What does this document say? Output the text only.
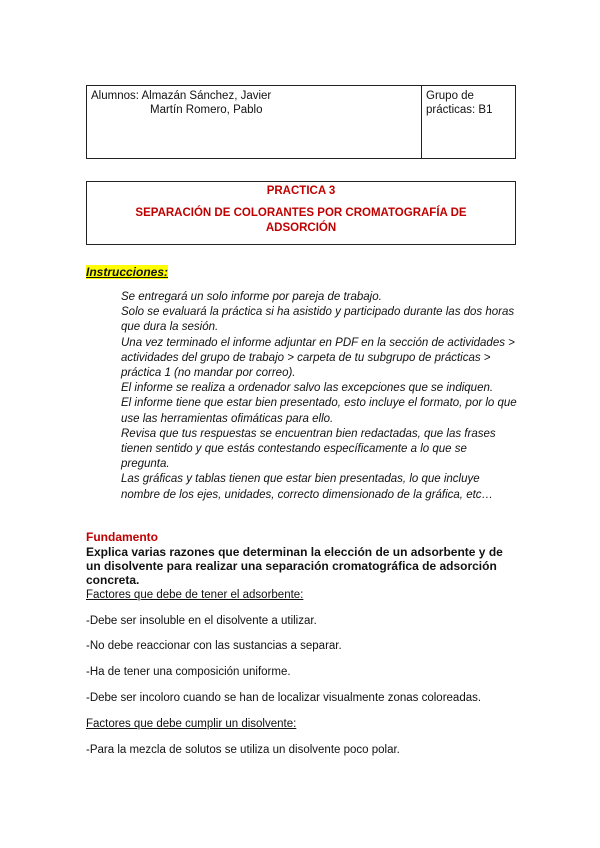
Alumnos: Almazán Sánchez, Javier
Martín Romero, Pablo
Grupo de
prácticas: B1
PRACTICA 3
SEPARACIÓN DE COLORANTES POR CROMATOGRAFÍA DE ADSORCIÓN
Instrucciones:

Se entregará un solo informe por pareja de trabajo.

Solo se evaluará la práctica si ha asistido y participado durante las dos horas que dura la sesión.

Una vez terminado el informe adjuntar en PDF en la sección de actividades > actividades del grupo de trabajo > carpeta de tu subgrupo de prácticas > práctica 1 (no mandar por correo).

El informe se realiza a ordenador salvo las excepciones que se indiquen.

El informe tiene que estar bien presentado, esto incluye el formato, por lo que use las herramientas ofimáticas para ello.

Revisa que tus respuestas se encuentran bien redactadas, que las frases tienen sentido y que estás contestando específicamente a lo que se pregunta.

Las gráficas y tablas tienen que estar bien presentadas, lo que incluye nombre de los ejes, unidades, correcto dimensionado de la gráfica, etc…

Fundamento
Explica varias razones que determinan la elección de un adsorbente y de un disolvente para realizar una separación cromatográfica de adsorción concreta.
Factores que debe de tener el adsorbente:
-Debe ser insoluble en el disolvente a utilizar.
-No debe reaccionar con las sustancias a separar.
-Ha de tener una composición uniforme.
-Debe ser incoloro cuando se han de localizar visualmente zonas coloreadas.
Factores que debe cumplir un disolvente:
-Para la mezcla de solutos se utiliza un disolvente poco polar.
